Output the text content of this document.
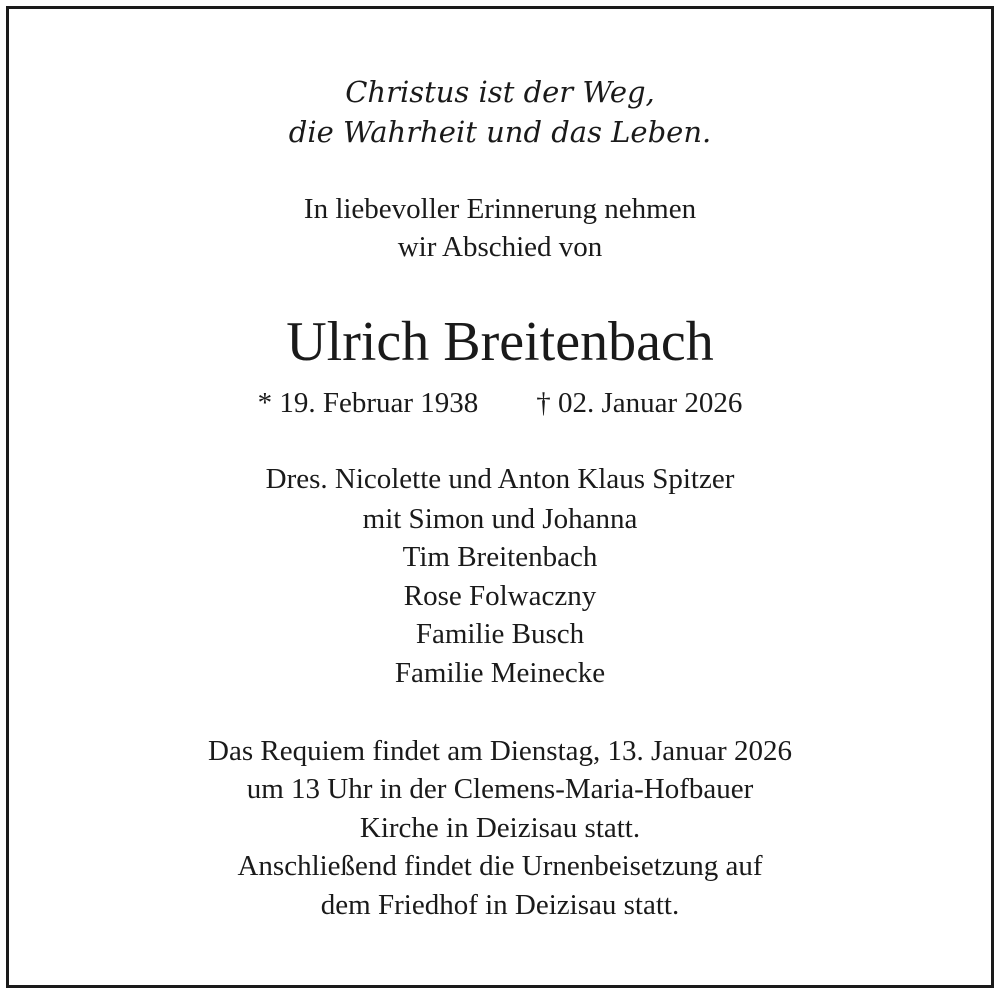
Christus ist der Weg,
die Wahrheit und das Leben.
In liebevoller Erinnerung nehmen
wir Abschied von
Ulrich Breitenbach
* 19. Februar 1938 † 02. Januar 2026
Dres. Nicolette und Anton Klaus Spitzer
mit Simon und Johanna
Tim Breitenbach
Rose Folwaczny
Familie Busch
Familie Meinecke
Das Requiem findet am Dienstag, 13. Januar 2026
um 13 Uhr in der Clemens-Maria-Hofbauer
Kirche in Deizisau statt.
Anschließend findet die Urnenbeisetzung auf
dem Friedhof in Deizisau statt.
